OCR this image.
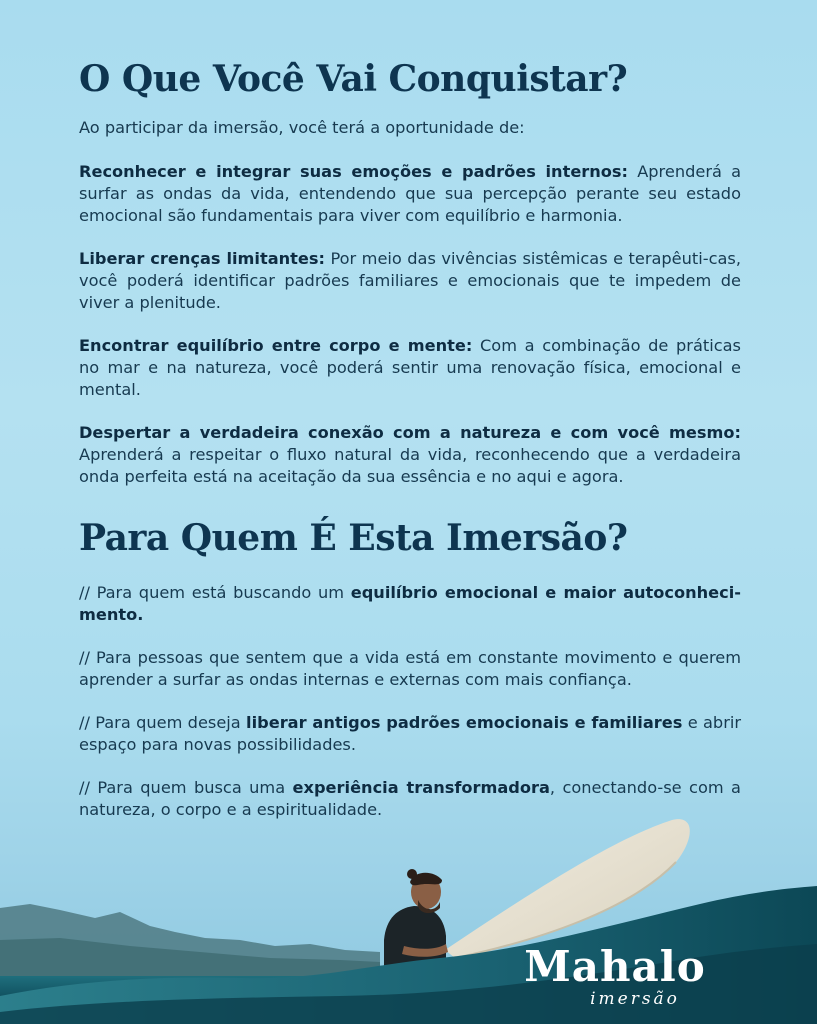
O Que Você Vai Conquistar?

Ao participar da imersão, você terá a oportunidade de:

Reconhecer e integrar suas emoções e padrões internos: Aprenderá a surfar as ondas da vida, entendendo que sua percepção perante seu estado emocional são fundamentais para viver com equilíbrio e harmonia.

Liberar crenças limitantes: Por meio das vivências sistêmicas e terapêuti-cas, você poderá identificar padrões familiares e emocionais que te impedem de viver a plenitude.

Encontrar equilíbrio entre corpo e mente: Com a combinação de práticas no mar e na natureza, você poderá sentir uma renovação física, emocional e mental.

Despertar a verdadeira conexão com a natureza e com você mesmo: Aprenderá a respeitar o fluxo natural da vida, reconhecendo que a verdadeira onda perfeita está na aceitação da sua essência e no aqui e agora.

Para Quem É Esta Imersão?

// Para quem está buscando um equilíbrio emocional e maior autoconheci-mento.

// Para pessoas que sentem que a vida está em constante movimento e querem aprender a surfar as ondas internas e externas com mais confiança.

// Para quem deseja liberar antigos padrões emocionais e familiares e abrir espaço para novas possibilidades.

// Para quem busca uma experiência transformadora, conectando-se com a natureza, o corpo e a espiritualidade.

Mahalo
imersão
